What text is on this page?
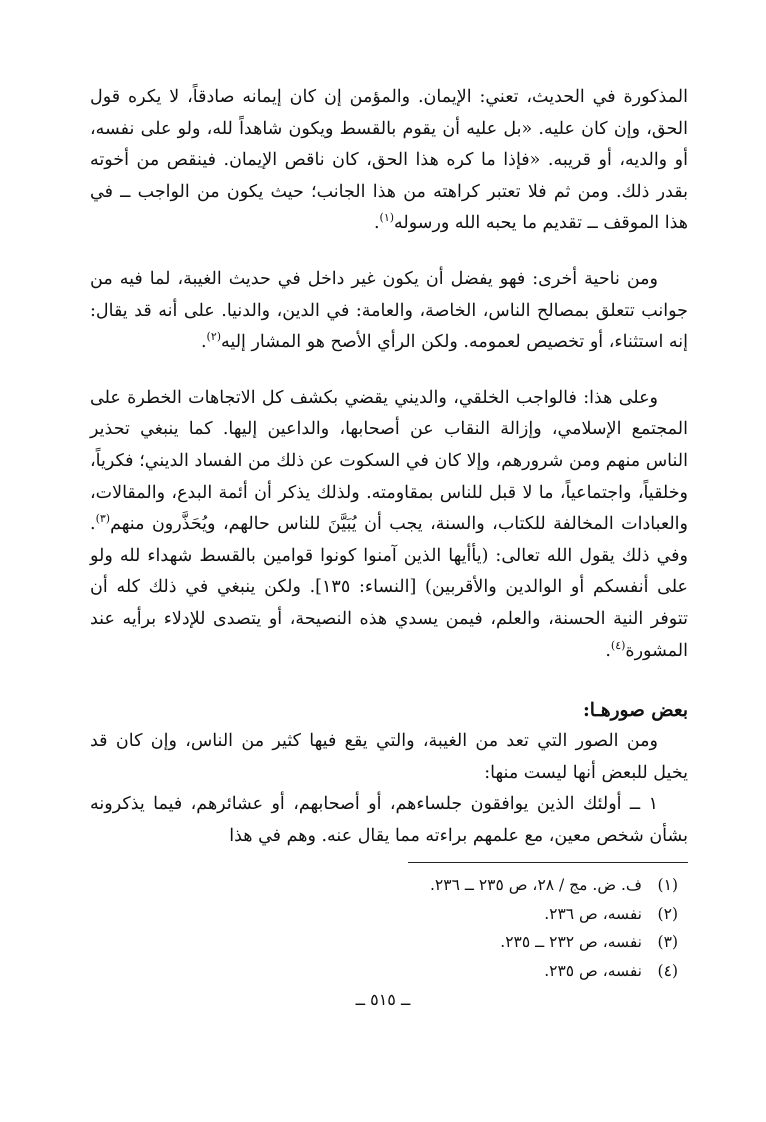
المذكورة في الحديث، تعني: الإيمان. والمؤمن إن كان إيمانه صادقاً، لا يكره قول الحق، وإن كان عليه. «بل عليه أن يقوم بالقسط ويكون شاهداً لله، ولو على نفسه، أو والديه، أو قريبه. «فإذا ما كره هذا الحق، كان ناقص الإيمان. فينقص من أخوته بقدر ذلك. ومن ثم فلا تعتبر كراهته من هذا الجانب؛ حيث يكون من الواجب ــ في هذا الموقف ــ تقديم ما يحبه الله ورسوله$^{(١)}$.

ومن ناحية أخرى: فهو يفضل أن يكون غير داخل في حديث الغيبة، لما فيه من جوانب تتعلق بمصالح الناس، الخاصة، والعامة: في الدين، والدنيا. على أنه قد يقال: إنه استثناء، أو تخصيص لعمومه. ولكن الرأي الأصح هو المشار إليه$^{(٢)}$.

وعلى هذا: فالواجب الخلقي، والديني يقضي بكشف كل الاتجاهات الخطرة على المجتمع الإسلامي، وإزالة النقاب عن أصحابها، والداعين إليها. كما ينبغي تحذير الناس منهم ومن شرورهم، وإلا كان في السكوت عن ذلك من الفساد الديني؛ فكرياً، وخلقياً، واجتماعياً، ما لا قبل للناس بمقاومته. ولذلك يذكر أن أئمة البدع، والمقالات، والعبادات المخالفة للكتاب، والسنة، يجب أن يُبَيَّنَ للناس حالهم، ويُحَذَّرون منهم$^{(٣)}$. وفي ذلك يقول الله تعالى: (يأأيها الذين آمنوا كونوا قوامين بالقسط شهداء لله ولو على أنفسكم أو الوالدين والأقربين) [النساء: ١٣٥]. ولكن ينبغي في ذلك كله أن تتوفر النية الحسنة، والعلم، فيمن يسدي هذه النصيحة، أو يتصدى للإدلاء برأيه عند المشورة$^{(٤)}$.

بعض صورهـا:

ومن الصور التي تعد من الغيبة، والتي يقع فيها كثير من الناس، وإن كان قد يخيل للبعض أنها ليست منها:

١ ــ أولئك الذين يوافقون جلساءهم، أو أصحابهم، أو عشائرهم، فيما يذكرونه بشأن شخص معين، مع علمهم براءته مما يقال عنه. وهم في هذا

(١)
ف. ض. مج / ٢٨، ص ٢٣٥ ــ ٢٣٦.
(٢)
نفسه، ص ٢٣٦.
(٣)
نفسه، ص ٢٣٢ ــ ٢٣٥.
(٤)
نفسه، ص ٢٣٥.
ــ ٥١٥ ــ
